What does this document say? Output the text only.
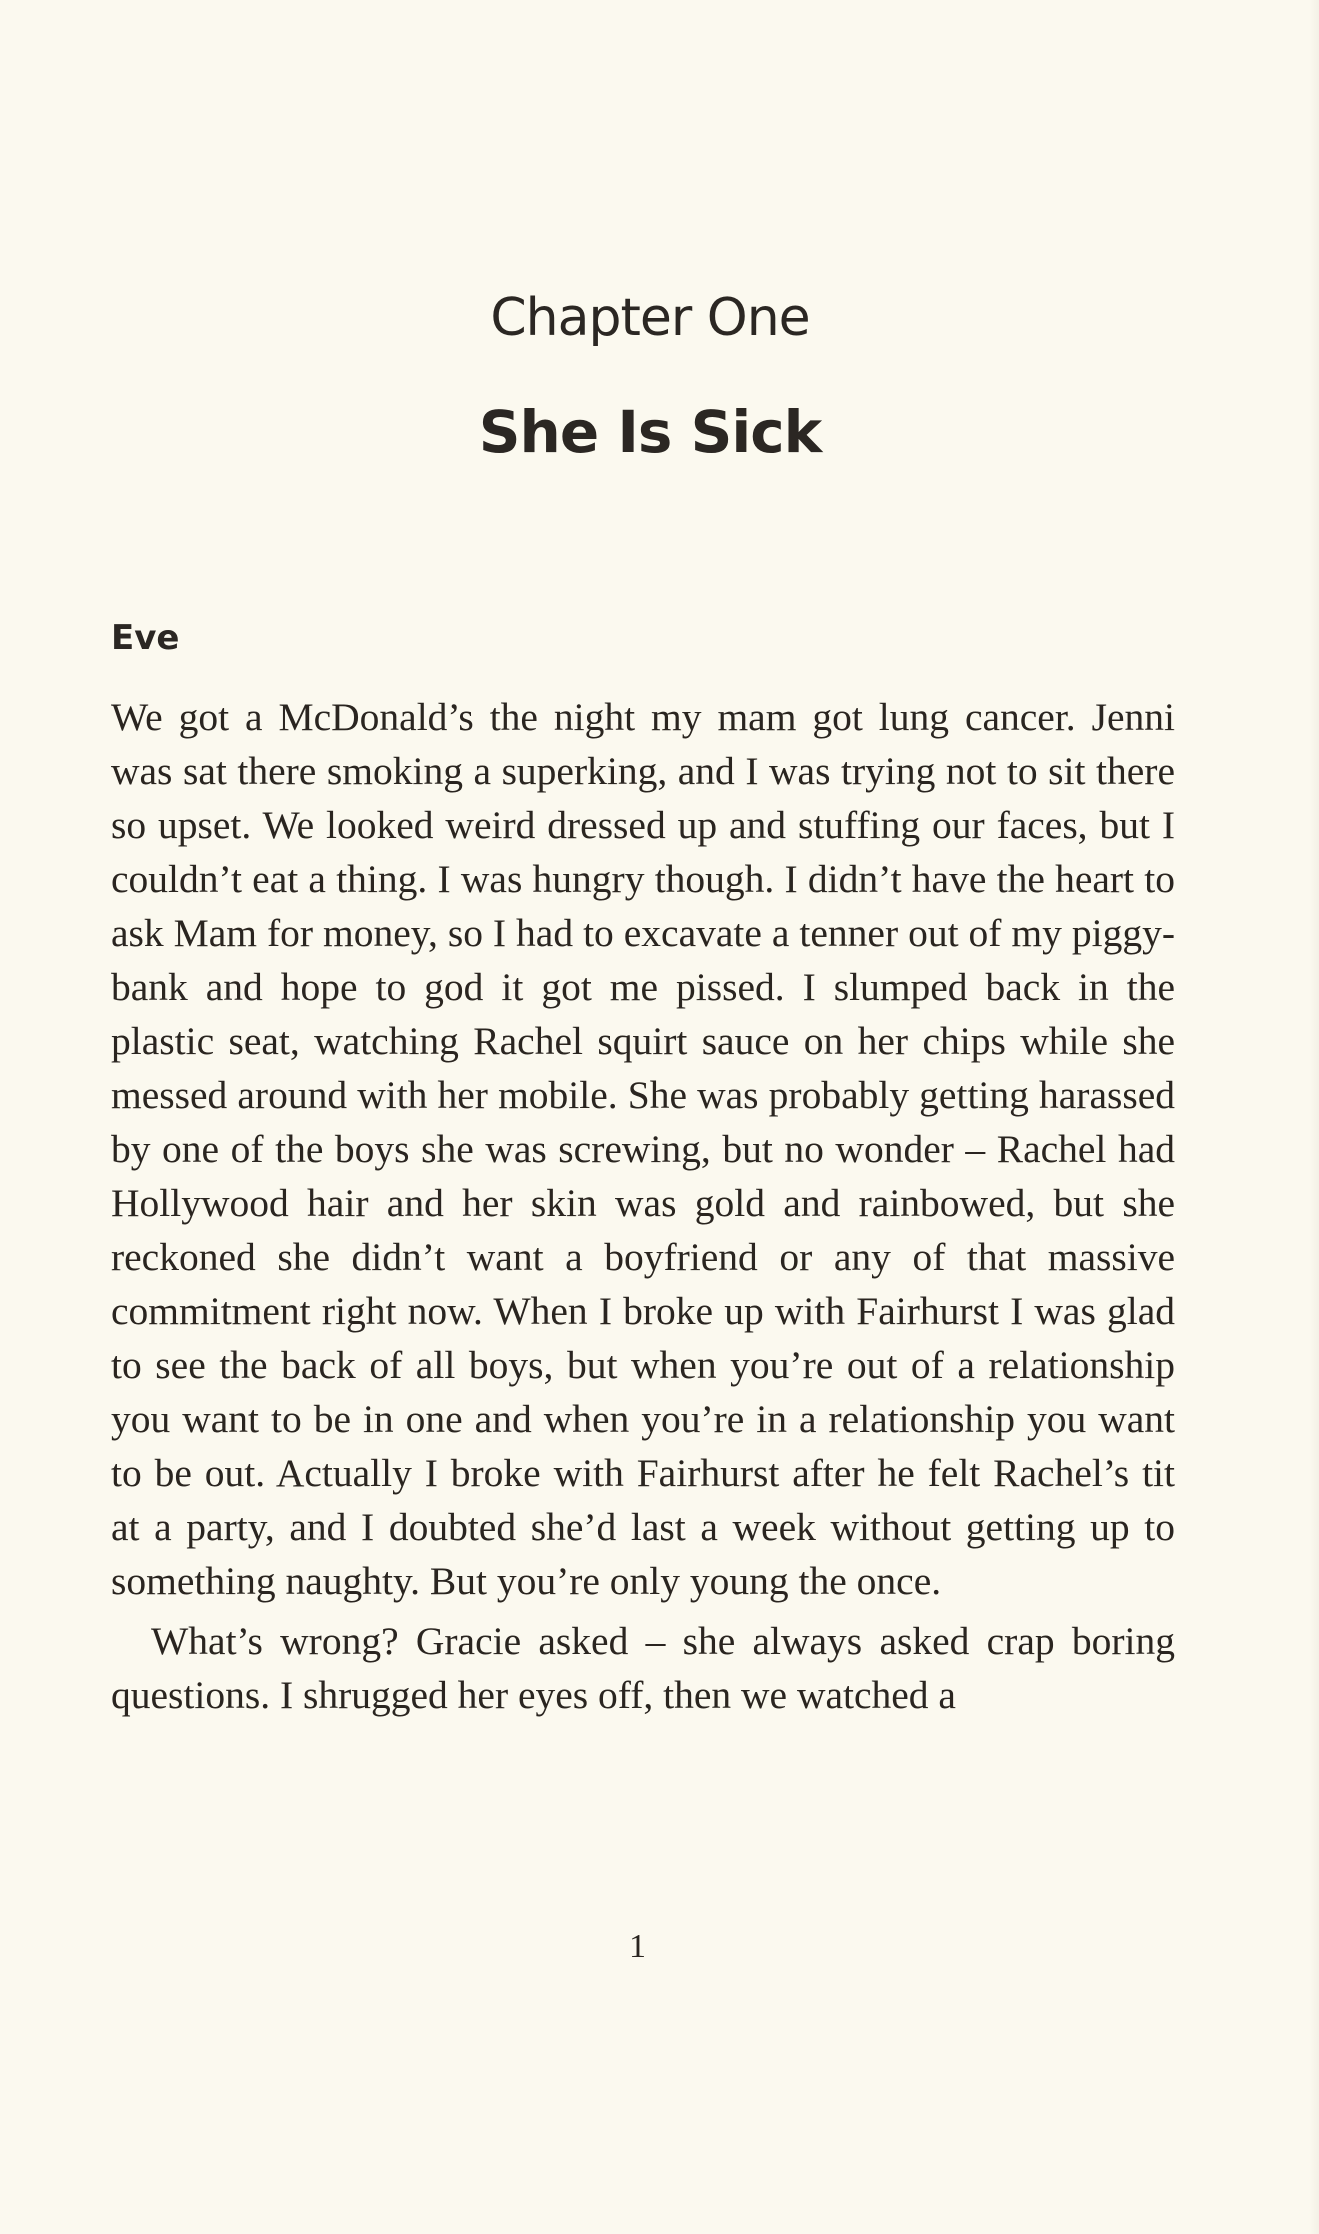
Chapter One
She Is Sick
Eve

We got a McDonald’s the night my mam got lung cancer. Jenni was sat there smoking a superking, and I was trying not to sit there so upset. We looked weird dressed up and stuffing our faces, but I couldn’t eat a thing. I was hungry though. I didn’t have the heart to ask Mam for money, so I had to excavate a tenner out of my piggy-bank and hope to god it got me pissed. I slumped back in the plastic seat, watching Rachel squirt sauce on her chips while she messed around with her mobile. She was probably getting harassed by one of the boys she was screwing, but no wonder – Rachel had Hollywood hair and her skin was gold and rainbowed, but she reckoned she didn’t want a boyfriend or any of that massive commitment right now. When I broke up with Fairhurst I was glad to see the back of all boys, but when you’re out of a relationship you want to be in one and when you’re in a relationship you want to be out. Actually I broke with Fairhurst after he felt Rachel’s tit at a party, and I doubted she’d last a week without getting up to something naughty. But you’re only young the once.

What’s wrong? Gracie asked – she always asked crap boring questions. I shrugged her eyes off, then we watched a

1
